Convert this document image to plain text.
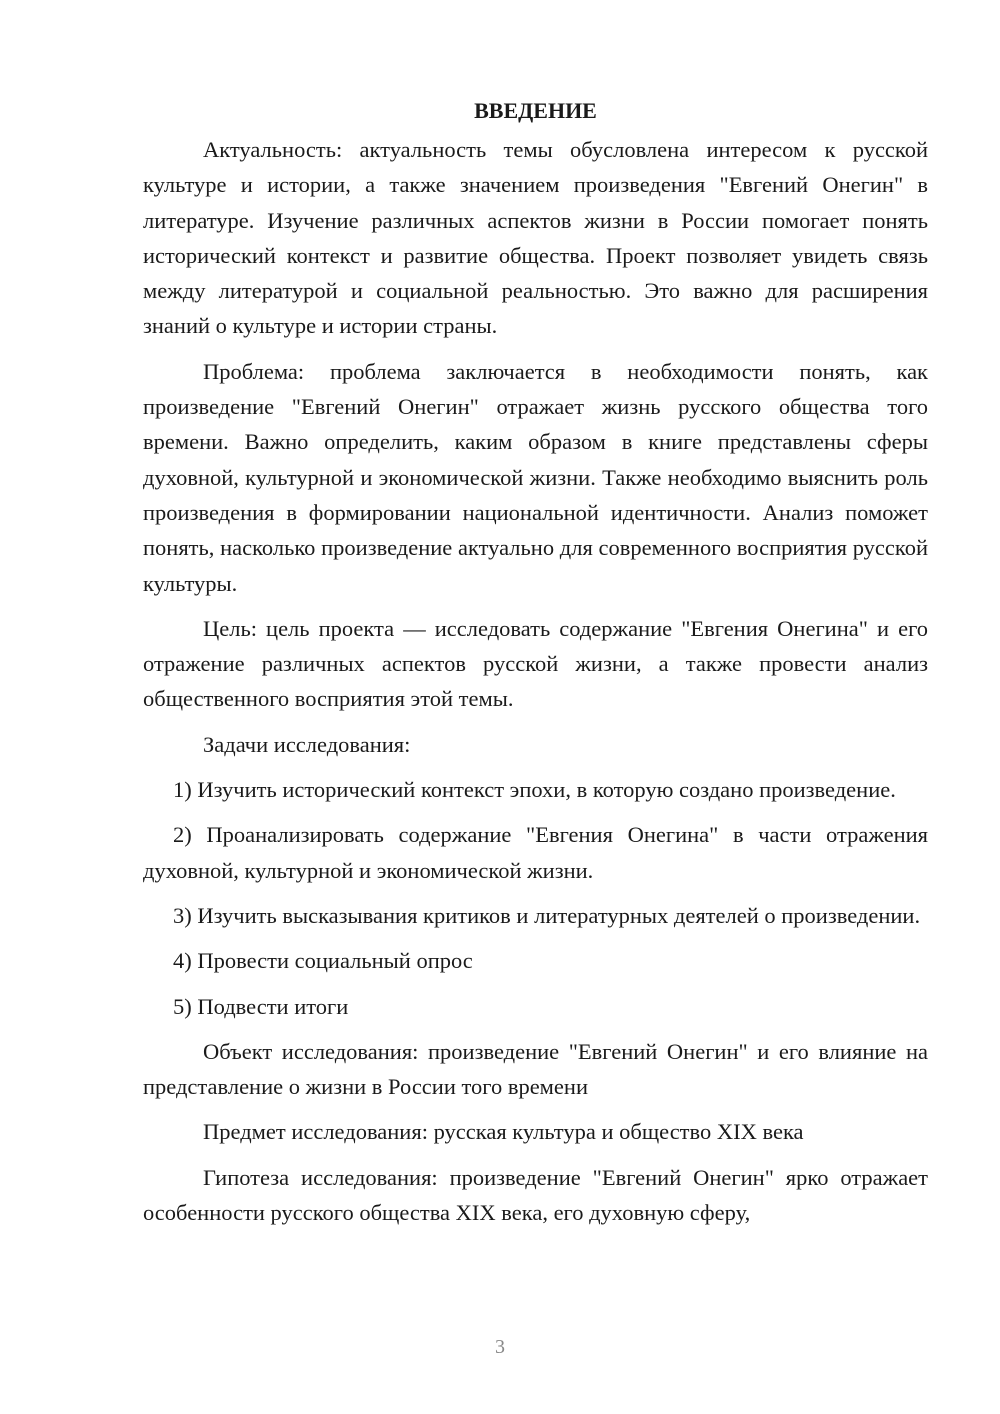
ВВЕДЕНИЕ

Актуальность: актуальность темы обусловлена интересом к русской культуре и истории, а также значением произведения "Евгений Онегин" в литературе. Изучение различных аспектов жизни в России помогает понять исторический контекст и развитие общества. Проект позволяет увидеть связь между литературой и социальной реальностью. Это важно для расширения знаний о культуре и истории страны.

Проблема: проблема заключается в необходимости понять, как произведение "Евгений Онегин" отражает жизнь русского общества того времени. Важно определить, каким образом в книге представлены сферы духовной, культурной и экономической жизни. Также необходимо выяснить роль произведения в формировании национальной идентичности. Анализ поможет понять, насколько произведение актуально для современного восприятия русской культуры.

Цель: цель проекта — исследовать содержание "Евгения Онегина" и его отражение различных аспектов русской жизни, а также провести анализ общественного восприятия этой темы.

Задачи исследования:

1) Изучить исторический контекст эпохи, в которую создано произведение.

2) Проанализировать содержание "Евгения Онегина" в части отражения духовной, культурной и экономической жизни.

3) Изучить высказывания критиков и литературных деятелей о произведении.

4) Провести социальный опрос

5) Подвести итоги

Объект исследования: произведение "Евгений Онегин" и его влияние на представление о жизни в России того времени

Предмет исследования: русская культура и общество XIX века

Гипотеза исследования: произведение "Евгений Онегин" ярко отражает особенности русского общества XIX века, его духовную сферу,

3
